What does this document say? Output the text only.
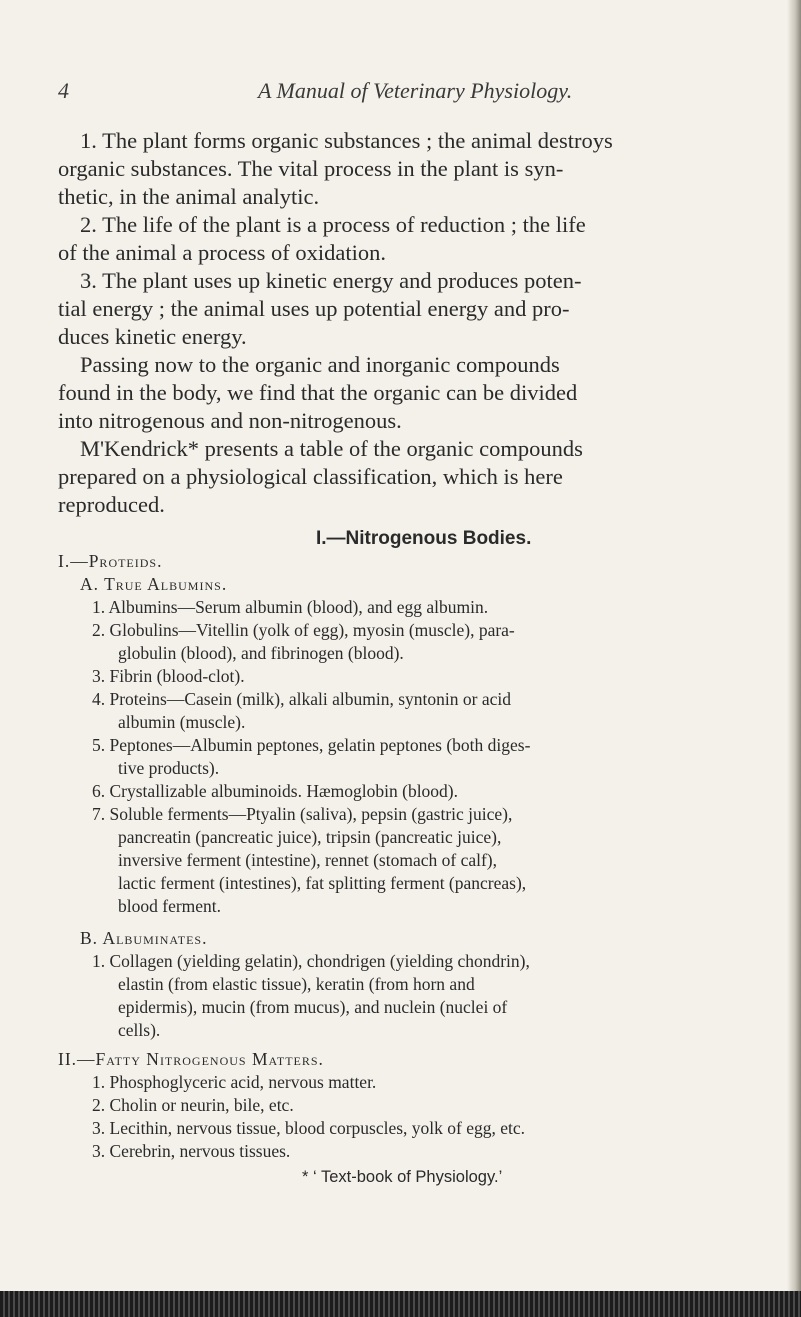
4	A Manual of Veterinary Physiology.

1. The plant forms organic substances ; the animal destroys

organic substances. The vital process in the plant is syn-

thetic, in the animal analytic.

2. The life of the plant is a process of reduction ; the life

of the animal a process of oxidation.

3. The plant uses up kinetic energy and produces poten-

tial energy ; the animal uses up potential energy and pro-

duces kinetic energy.

Passing now to the organic and inorganic compounds

found in the body, we find that the organic can be divided

into nitrogenous and non-nitrogenous.

M'Kendrick* presents a table of the organic compounds

prepared on a physiological classification, which is here

reproduced.

I.—Nitrogenous Bodies.

I.—Proteids.

A. True Albumins.

1. Albumins—Serum albumin (blood), and egg albumin.

2. Globulins—Vitellin (yolk of egg), myosin (muscle), para-

globulin (blood), and fibrinogen (blood).

3. Fibrin (blood-clot).

4. Proteins—Casein (milk), alkali albumin, syntonin or acid

albumin (muscle).

5. Peptones—Albumin peptones, gelatin peptones (both diges-

tive products).

6. Crystallizable albuminoids. Hæmoglobin (blood).

7. Soluble ferments—Ptyalin (saliva), pepsin (gastric juice),

pancreatin (pancreatic juice), tripsin (pancreatic juice),

inversive ferment (intestine), rennet (stomach of calf),

lactic ferment (intestines), fat splitting ferment (pancreas),

blood ferment.

B. Albuminates.

1. Collagen (yielding gelatin), chondrigen (yielding chondrin),

elastin (from elastic tissue), keratin (from horn and

epidermis), mucin (from mucus), and nuclein (nuclei of

cells).

II.—Fatty Nitrogenous Matters.

1. Phosphoglyceric acid, nervous matter.

2. Cholin or neurin, bile, etc.

3. Lecithin, nervous tissue, blood corpuscles, yolk of egg, etc.

3. Cerebrin, nervous tissues.

* ‘ Text-book of Physiology.’
